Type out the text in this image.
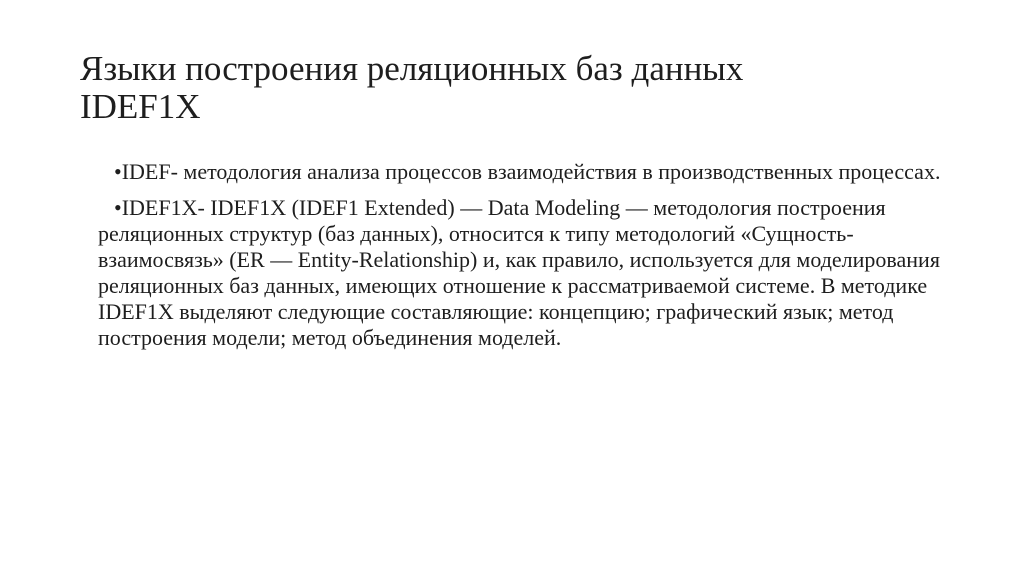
Языки построения реляционных баз данных
IDEF1X

•IDEF- методология анализа процессов взаимодействия в производственных процессах.

•IDEF1X- IDEF1X (IDEF1 Extended) — Data Modeling — методология построения реляционных структур (баз данных), относится к типу методологий «Сущность-взаимосвязь» (ER — Entity-Relationship) и, как правило, используется для моделирования реляционных баз данных, имеющих отношение к рассматриваемой системе. В методике IDEF1X выделяют следующие составляющие: концепцию; графический язык; метод построения модели; метод объединения моделей.
